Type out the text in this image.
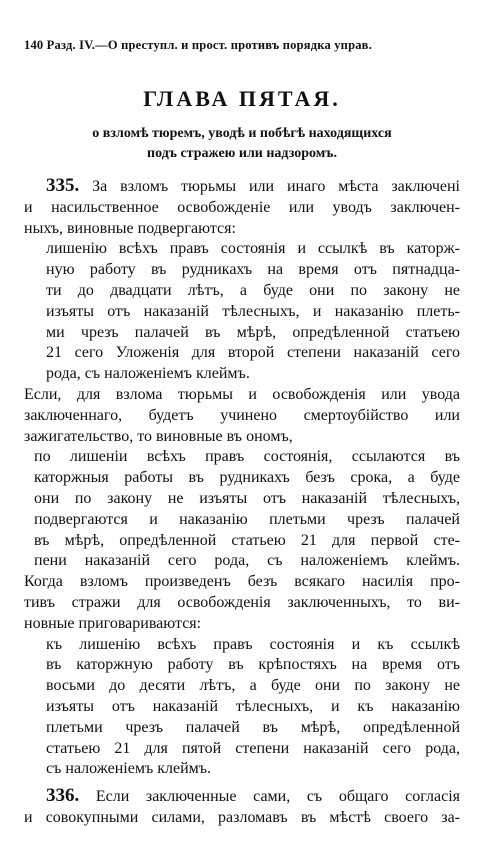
140 Разд. IV.—О преступл. и прост. противъ порядка управ.
ГЛАВА ПЯТАЯ.
о взломѣ тюремъ, уводѣ и побѣгѣ находящихся
подъ стражею или надзоромъ.
335. За взломъ тюрьмы или инаго мѣста заключені
и насильственное освобожденіе или уводъ заключен-
ныхъ, виновные подвергаются:
лишенію всѣхъ правъ состоянія и ссылкѣ въ каторж-
ную работу въ рудникахъ на время отъ пятнадца-
ти до двадцати лѣтъ, а буде они по закону не
изъяты отъ наказаній тѣлесныхъ, и наказанію плеть-
ми чрезъ палачей въ мѣрѣ, опредѣленной статьею
21 сего Уложенія для второй степени наказаній сего
рода, съ наложеніемъ клеймъ.
Если, для взлома тюрьмы и освобожденія или увода
заключеннаго, будетъ учинено смертоубійство или
зажигательство, то виновные въ ономъ,
по лишеніи всѣхъ правъ состоянія, ссылаются въ
каторжныя работы въ рудникахъ безъ срока, а буде
они по закону не изъяты отъ наказаній тѣлесныхъ,
подвергаются и наказанію плетьми чрезъ палачей
въ мѣрѣ, опредѣленной статьею 21 для первой сте-
пени наказаній сего рода, съ наложеніемъ клеймъ.
Когда взломъ произведенъ безъ всякаго насилія про-
тивъ стражи для освобожденія заключенныхъ, то ви-
новные приговариваются:
къ лишенію всѣхъ правъ состоянія и къ ссылкѣ
въ каторжную работу въ крѣпостяхъ на время отъ
восьми до десяти лѣтъ, а буде они по закону не
изъяты отъ наказаній тѣлесныхъ, и къ наказанію
плетьми чрезъ палачей въ мѣрѣ, опредѣленной
статьею 21 для пятой степени наказаній сего рода,
съ наложеніемъ клеймъ.
336. Если заключенные сами, съ общаго согласія
и совокупными силами, разломавъ въ мѣстѣ своего за-
